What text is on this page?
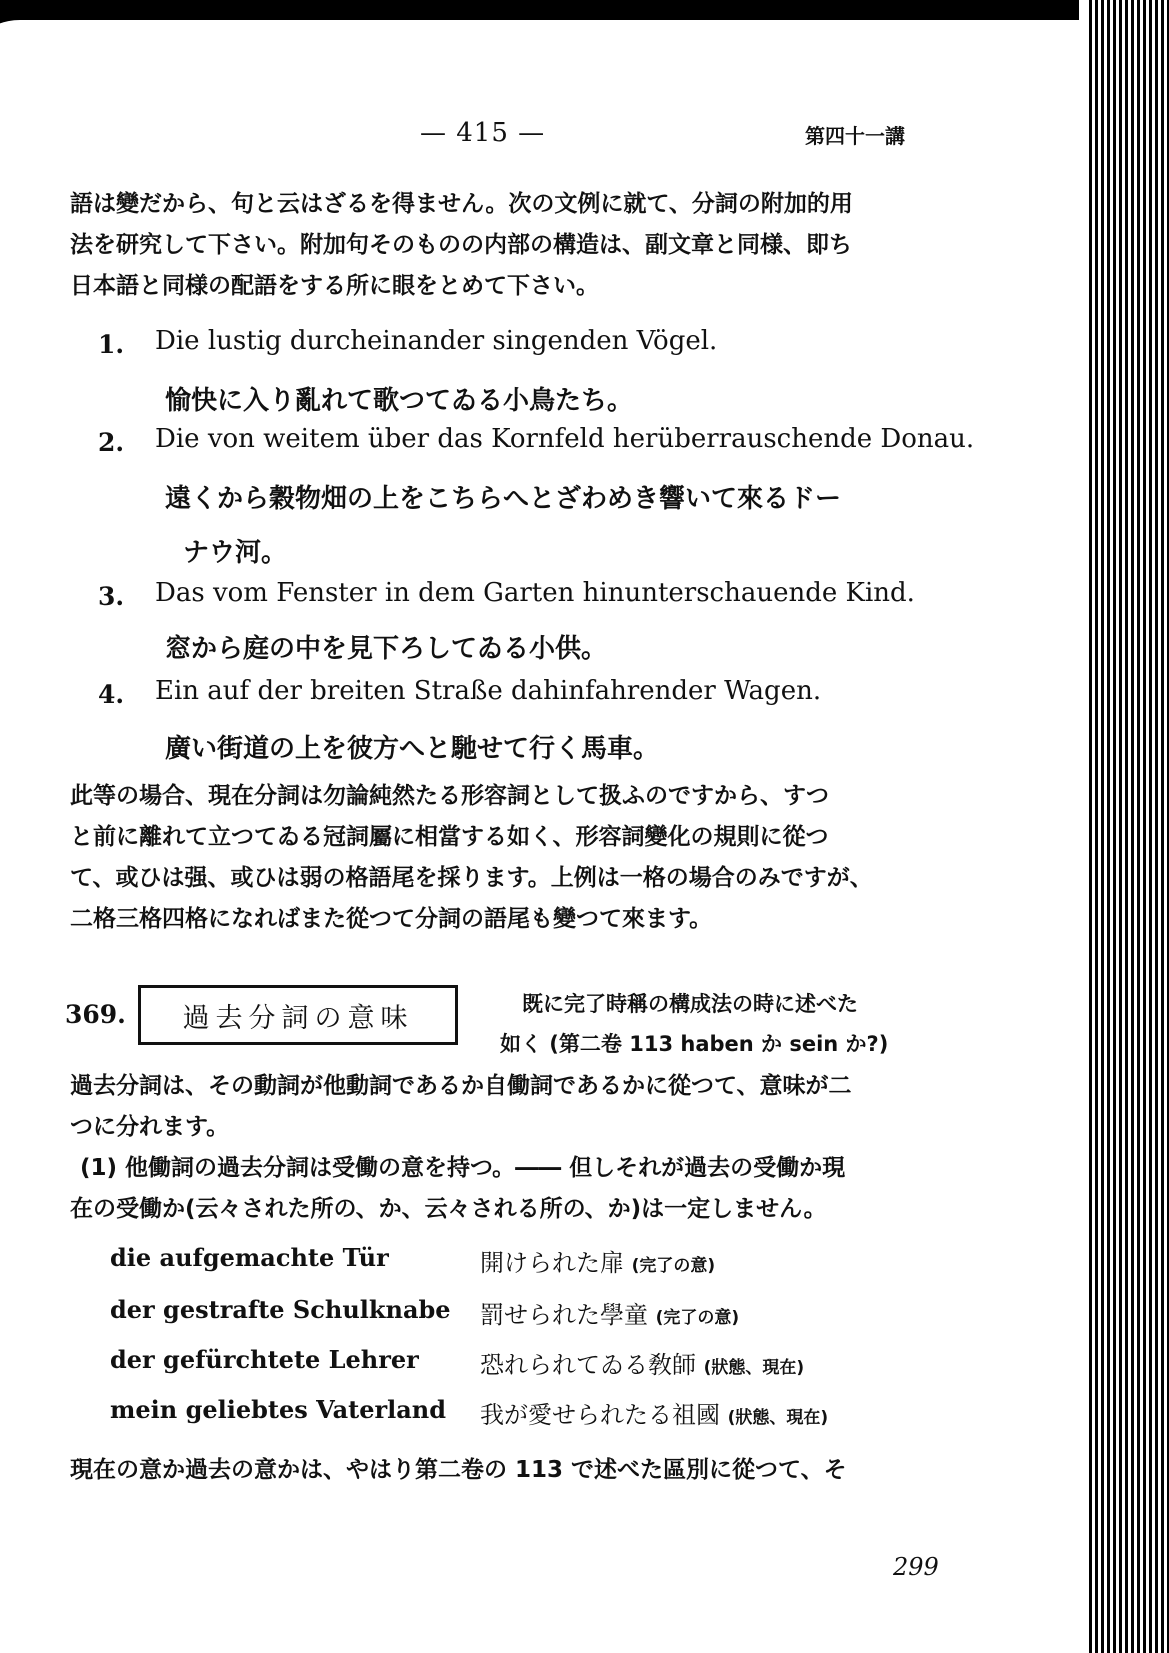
— 415 —	第四十一講
語は變だから、句と云はざるを得ません。次の文例に就て、分詞の附加的用
法を研究して下さい。附加句そのものの内部の構造は、副文章と同様、即ち
日本語と同様の配語をする所に眼をとめて下さい。
1. Die lustig durcheinander singenden Vögel.
愉快に入り亂れて歌つてゐる小鳥たち。
2. Die von weitem über das Kornfeld herüberrauschende Donau.
遠くから穀物畑の上をこちらへとざわめき響いて來るドー
ナウ河。
3. Das vom Fenster in dem Garten hinunterschauende Kind.
窓から庭の中を見下ろしてゐる小供。
4. Ein auf der breiten Straße dahinfahrender Wagen.
廣い街道の上を彼方へと馳せて行く馬車。
此等の場合、現在分詞は勿論純然たる形容詞として扱ふのですから、すつ
と前に離れて立つてゐる冠詞屬に相當する如く、形容詞變化の規則に從つ
て、或ひは强、或ひは弱の格語尾を採ります。上例は一格の場合のみですが、
二格三格四格になればまた從つて分詞の語尾も變つて來ます。
369.	過去分詞の意味	既に完了時稱の構成法の時に述べた
如く (第二卷 113 haben か sein か?)
過去分詞は、その動詞が他動詞であるか自働詞であるかに從つて、意味が二
つに分れます。
(1) 他働詞の過去分詞は受働の意を持つ。―― 但しそれが過去の受働か現
在の受働か(云々された所の、か、云々される所の、か)は一定しません。
die aufgemachte Tür	開けられた扉 (完了の意)
der gestrafte Schulknabe 罰せられた學童 (完了の意)
der gefürchtete Lehrer	恐れられてゐる敎師 (狀態、現在)
mein geliebtes Vaterland 我が愛せられたる祖國 (狀態、現在)
現在の意か過去の意かは、やはり第二卷の 113 で述べた區別に從つて、そ
299
